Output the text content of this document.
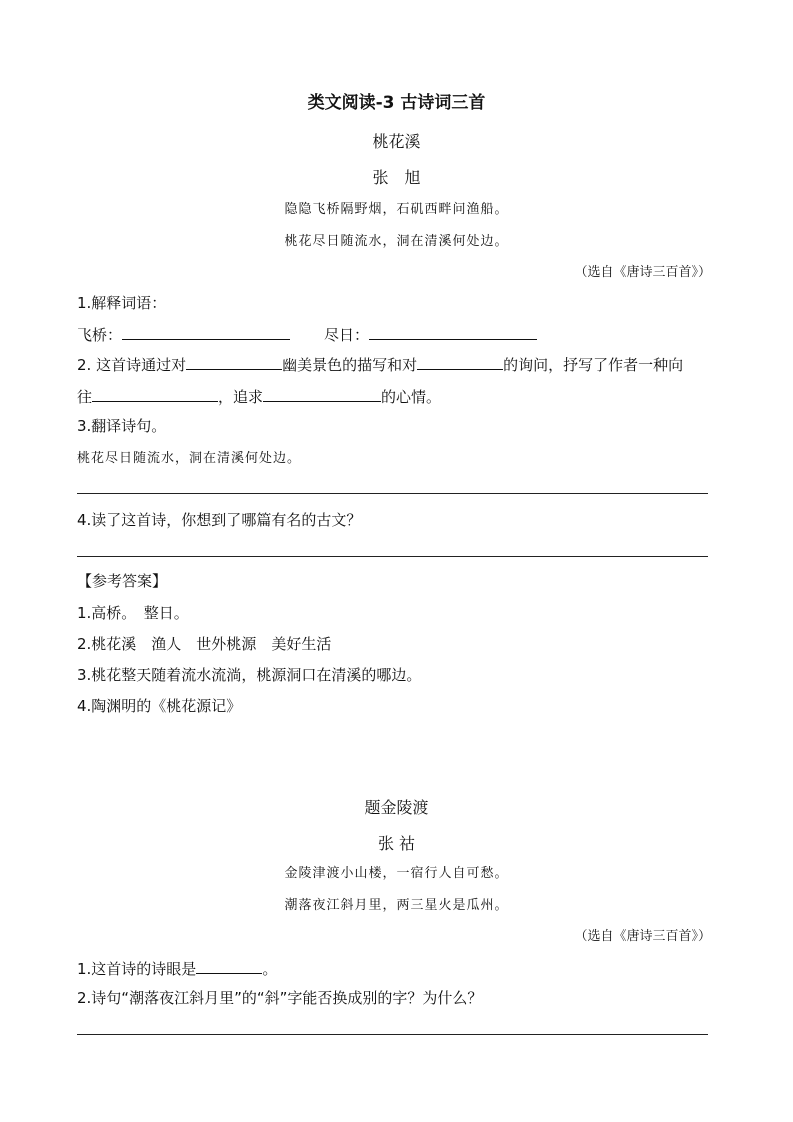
类文阅读-3 古诗词三首
桃花溪
张　旭
隐隐飞桥隔野烟，石矶西畔问渔船。
桃花尽日随流水，洞在清溪何处边。
（选自《唐诗三百首》）
1.解释词语：
飞桥：	尽日：
2. 这首诗通过对	幽美景色的描写和对	的询问，抒写了作者一种向
往	，追求	的心情。
3.翻译诗句。
桃花尽日随流水，洞在清溪何处边。
4.读了这首诗，你想到了哪篇有名的古文？
【参考答案】
1.高桥。　整日。
2.桃花溪　渔人　世外桃源　美好生活
3.桃花整天随着流水流淌，桃源洞口在清溪的哪边。
4.陶渊明的《桃花源记》
题金陵渡
张 祜
金陵津渡小山楼，一宿行人自可愁。
潮落夜江斜月里，两三星火是瓜州。
（选自《唐诗三百首》）
1.这首诗的诗眼是	。
2.诗句“潮落夜江斜月里”的“斜”字能否换成别的字？为什么？
